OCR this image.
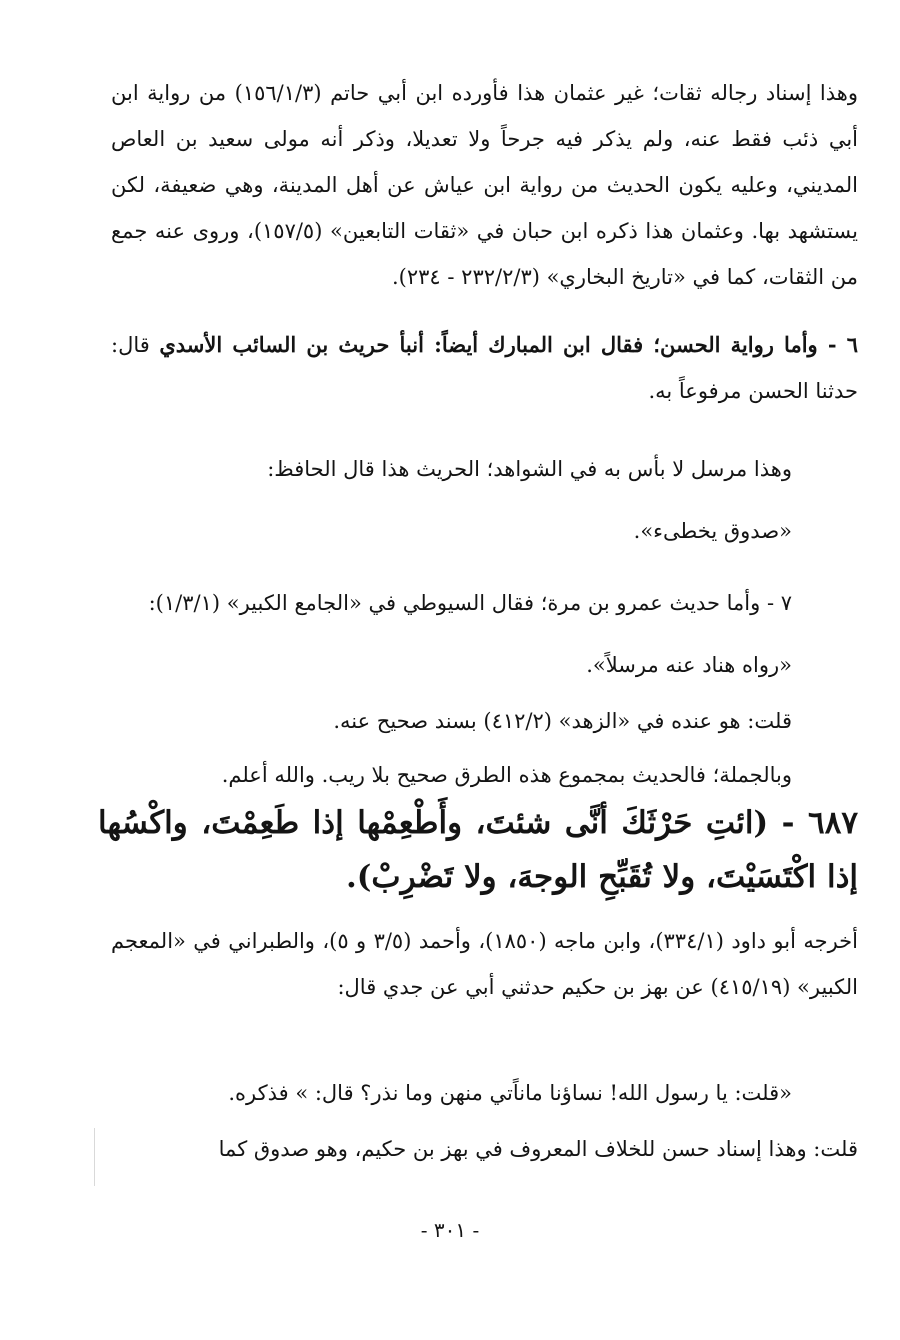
وهذا إسناد رجاله ثقات؛ غير عثمان هذا فأورده ابن أبي حاتم (١٥٦/١/٣) من رواية ابن أبي ذئب فقط عنه، ولم يذكر فيه جرحاً ولا تعديلا، وذكر أنه مولى سعيد بن العاص المديني، وعليه يكون الحديث من رواية ابن عياش عن أهل المدينة، وهي ضعيفة، لكن يستشهد بها. وعثمان هذا ذكره ابن حبان في «ثقات التابعين» (١٥٧/٥)، وروى عنه جمع من الثقات، كما في «تاريخ البخاري» (٢٣٢/٢/٣ - ٢٣٤).

٦ - وأما رواية الحسن؛ فقال ابن المبارك أيضاً: أنبأ حريث بن السائب الأسدي قال: حدثنا الحسن مرفوعاً به.

وهذا مرسل لا بأس به في الشواهد؛ الحريث هذا قال الحافظ:

«صدوق يخطىء».

٧ - وأما حديث عمرو بن مرة؛ فقال السيوطي في «الجامع الكبير» (١/٣/١):

«رواه هناد عنه مرسلاً».

قلت: هو عنده في «الزهد» (٤١٢/٢) بسند صحيح عنه.

وبالجملة؛ فالحديث بمجموع هذه الطرق صحيح بلا ريب. والله أعلم.

٦٨٧ - (ائتِ حَرْثَكَ أنَّى شئتَ، وأَطْعِمْها إذا طَعِمْتَ، واكْسُها إذا اكْتَسَيْتَ، ولا تُقَبِّحِ الوجهَ، ولا تَضْرِبْ).

أخرجه أبو داود (٣٣٤/١)، وابن ماجه (١٨٥٠)، وأحمد (٣/٥ و ٥)، والطبراني في «المعجم الكبير» (٤١٥/١٩) عن بهز بن حكيم حدثني أبي عن جدي قال:

«قلت: يا رسول الله! نساؤنا ماناًتي منهن وما نذر؟ قال: » فذكره.

قلت: وهذا إسناد حسن للخلاف المعروف في بهز بن حكيم، وهو صدوق كما

- ٣٠١ -
